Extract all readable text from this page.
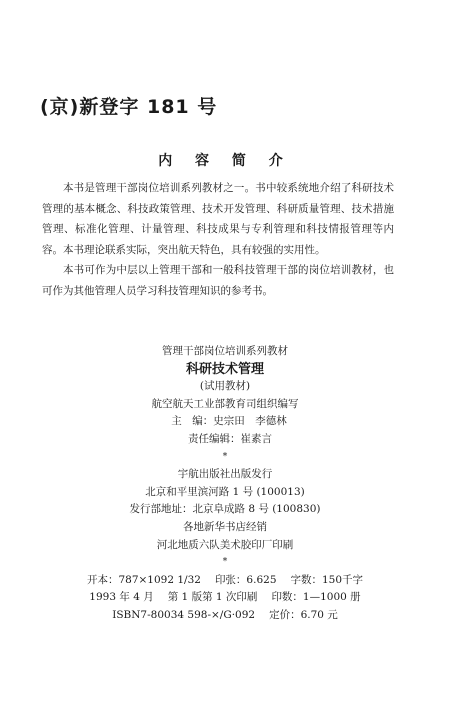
(京)新登字 181 号
内 容 简 介

本书是管理干部岗位培训系列教材之一。书中较系统地介绍了科研技术管理的基本概念、科技政策管理、技术开发管理、科研质量管理、技术措施管理、标准化管理、计量管理、科技成果与专利管理和科技情报管理等内容。本书理论联系实际，突出航天特色，具有较强的实用性。

本书可作为中层以上管理干部和一般科技管理干部的岗位培训教材，也可作为其他管理人员学习科技管理知识的参考书。

管理干部岗位培训系列教材
科研技术管理
(试用教材)
航空航天工业部教育司组织编写
主　编：史宗田　李德林
责任编辑：崔素言
*
宇航出版社出版发行
北京和平里滨河路 1 号 (100013)
发行部地址：北京阜成路 8 号 (100830)
各地新华书店经销
河北地质六队美术胶印厂印刷
*
开本：787×1092 1/32 印张：6.625 字数：150千字
1993 年 4 月 第 1 版第 1 次印刷 印数：1—1000 册
ISBN7-80034 598-×/G·092 定价：6.70 元
